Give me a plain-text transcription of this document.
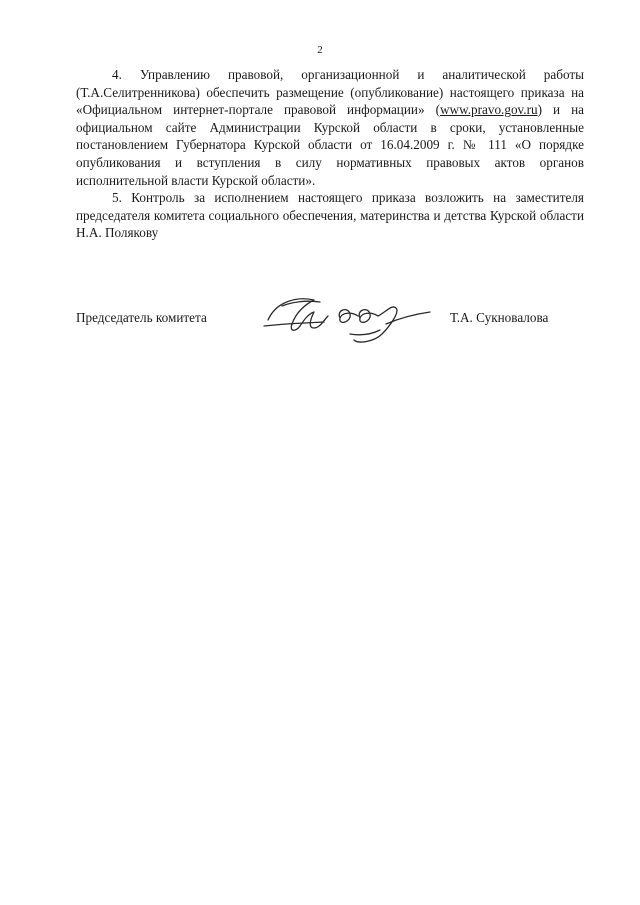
2

4. Управлению правовой, организационной и аналитической работы (Т.А.Селитренникова) обеспечить размещение (опубликование) настоящего приказа на «Официальном интернет-портале правовой информации» (www.pravo.gov.ru) и на официальном сайте Администрации Курской области в сроки, установленные постановлением Губернатора Курской области от 16.04.2009 г. № 111 «О порядке опубликования и вступления в силу нормативных правовых актов органов исполнительной власти Курской области».

5. Контроль за исполнением настоящего приказа возложить на заместителя председателя комитета социального обеспечения, материнства и детства Курской области Н.А. Полякову

Председатель комитета	Т.А. Сукновалова
